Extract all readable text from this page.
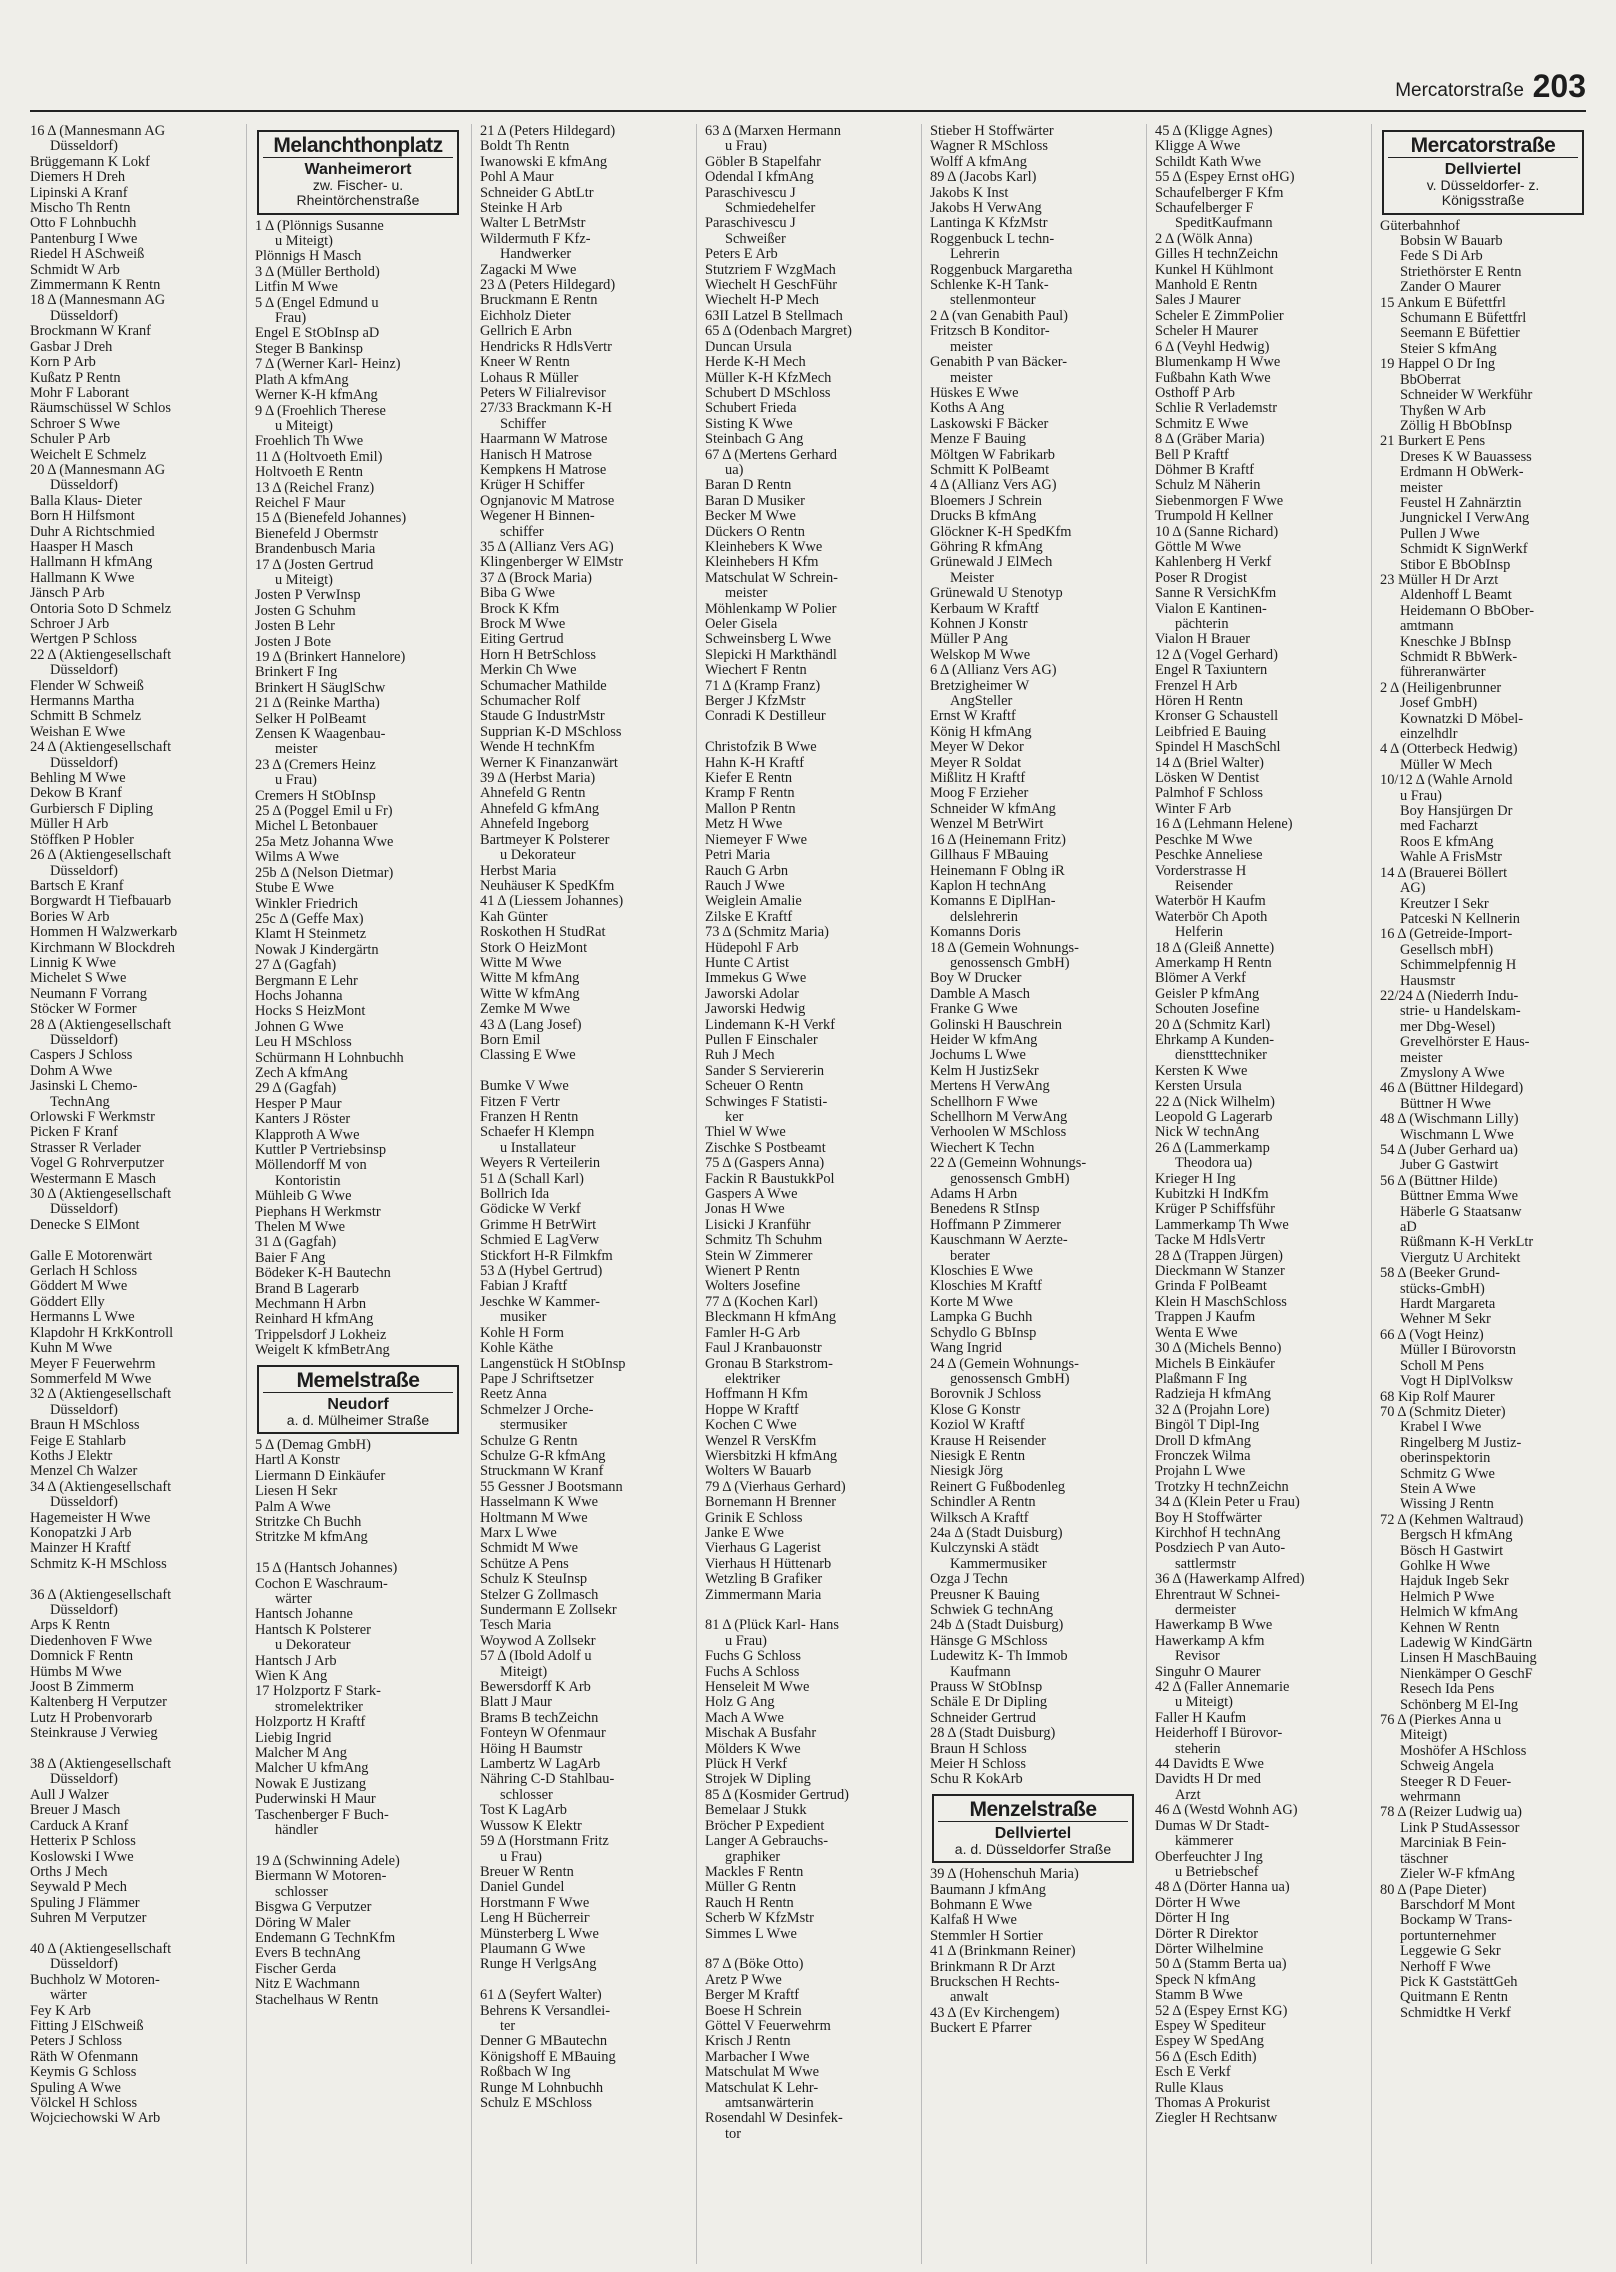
Mercatorstraße 203
16 Δ (Mannesmann AG
Düsseldorf)
Brüggemann K Lokf
Diemers H Dreh
Lipinski A Kranf
Mischo Th Rentn
Otto F Lohnbuchh
Pantenburg I Wwe
Riedel H ASchweiß
Schmidt W Arb
Zimmermann K Rentn
18 Δ (Mannesmann AG
Düsseldorf)
Brockmann W Kranf
Gasbar J Dreh
Korn P Arb
Kußatz P Rentn
Mohr F Laborant
Räumschüssel W Schlos
Schroer S Wwe
Schuler P Arb
Weichelt E Schmelz
20 Δ (Mannesmann AG
Düsseldorf)
Balla Klaus- Dieter
Born H Hilfsmont
Duhr A Richtschmied
Haasper H Masch
Hallmann H kfmAng
Hallmann K Wwe
Jänsch P Arb
Ontoria Soto D Schmelz
Schroer J Arb
Wertgen P Schloss
22 Δ (Aktiengesellschaft
Düsseldorf)
Flender W Schweiß
Hermanns Martha
Schmitt B Schmelz
Weishan E Wwe
24 Δ (Aktiengesellschaft
Düsseldorf)
Behling M Wwe
Dekow B Kranf
Gurbiersch F Dipling
Müller H Arb
Stöffken P Hobler
26 Δ (Aktiengesellschaft
Düsseldorf)
Bartsch E Kranf
Borgwardt H Tiefbauarb
Bories W Arb
Hommen H Walzwerkarb
Kirchmann W Blockdreh
Linnig K Wwe
Michelet S Wwe
Neumann F Vorrang
Stöcker W Former
28 Δ (Aktiengesellschaft
Düsseldorf)
Caspers J Schloss
Dohm A Wwe
Jasinski L Chemo-
TechnAng
Orlowski F Werkmstr
Picken F Kranf
Strasser R Verlader
Vogel G Rohrverputzer
Westermann E Masch
30 Δ (Aktiengesellschaft
Düsseldorf)
Denecke S ElMont

Galle E Motorenwärt
Gerlach H Schloss
Göddert M Wwe
Göddert Elly
Hermanns L Wwe
Klapdohr H KrkKontroll
Kuhn M Wwe
Meyer F Feuerwehrm
Sommerfeld M Wwe
32 Δ (Aktiengesellschaft
Düsseldorf)
Braun H MSchloss
Feige E Stahlarb
Koths J Elektr
Menzel Ch Walzer
34 Δ (Aktiengesellschaft
Düsseldorf)
Hagemeister H Wwe
Konopatzki J Arb
Mainzer H Kraftf
Schmitz K-H MSchloss

36 Δ (Aktiengesellschaft
Düsseldorf)
Arps K Rentn
Diedenhoven F Wwe
Domnick F Rentn
Hümbs M Wwe
Joost B Zimmerm
Kaltenberg H Verputzer
Lutz H Probenvorarb
Steinkrause J Verwieg

38 Δ (Aktiengesellschaft
Düsseldorf)
Aull J Walzer
Breuer J Masch
Carduck A Kranf
Hetterix P Schloss
Koslowski I Wwe
Orths J Mech
Seywald P Mech
Spuling J Flämmer
Suhren M Verputzer

40 Δ (Aktiengesellschaft
Düsseldorf)
Buchholz W Motoren-
wärter
Fey K Arb
Fitting J ElSchweiß
Peters J Schloss
Räth W Ofenmann
Keymis G Schloss
Spuling A Wwe
Völckel H Schloss
Wojciechowski W Arb
Melanchthonplatz
Wanheimerort
zw. Fischer- u. Rheintörchenstraße
1 Δ (Plönnigs Susanne
u Miteigt)
Plönnigs H Masch
3 Δ (Müller Berthold)
Litfin M Wwe
5 Δ (Engel Edmund u
Frau)
Engel E StObInsp aD
Steger B Bankinsp
7 Δ (Werner Karl- Heinz)
Plath A kfmAng
Werner K-H kfmAng
9 Δ (Froehlich Therese
u Miteigt)
Froehlich Th Wwe
11 Δ (Holtvoeth Emil)
Holtvoeth E Rentn
13 Δ (Reichel Franz)
Reichel F Maur
15 Δ (Bienefeld Johannes)
Bienefeld J Obermstr
Brandenbusch Maria
17 Δ (Josten Gertrud
u Miteigt)
Josten P VerwInsp
Josten G Schuhm
Josten B Lehr
Josten J Bote
19 Δ (Brinkert Hannelore)
Brinkert F Ing
Brinkert H SäuglSchw
21 Δ (Reinke Martha)
Selker H PolBeamt
Zensen K Waagenbau-
meister
23 Δ (Cremers Heinz
u Frau)
Cremers H StObInsp
25 Δ (Poggel Emil u Fr)
Michel L Betonbauer
25a Metz Johanna Wwe
Wilms A Wwe
25b Δ (Nelson Dietmar)
Stube E Wwe
Winkler Friedrich
25c Δ (Geffe Max)
Klamt H Steinmetz
Nowak J Kindergärtn
27 Δ (Gagfah)
Bergmann E Lehr
Hochs Johanna
Hocks S HeizMont
Johnen G Wwe
Leu H MSchloss
Schürmann H Lohnbuchh
Zech A kfmAng
29 Δ (Gagfah)
Hesper P Maur
Kanters J Röster
Klapproth A Wwe
Kuttler P Vertriebsinsp
Möllendorff M von
Kontoristin
Mühleib G Wwe
Piephans H Werkmstr
Thelen M Wwe
31 Δ (Gagfah)
Baier F Ang
Bödeker K-H Bautechn
Brand B Lagerarb
Mechmann H Arbn
Reinhard H kfmAng
Trippelsdorf J Lokheiz
Weigelt K kfmBetrAng
Memelstraße
Neudorf
a. d. Mülheimer Straße
5 Δ (Demag GmbH)
Hartl A Konstr
Liermann D Einkäufer
Liesen H Sekr
Palm A Wwe
Stritzke Ch Buchh
Stritzke M kfmAng

15 Δ (Hantsch Johannes)
Cochon E Waschraum-
wärter
Hantsch Johanne
Hantsch K Polsterer
u Dekorateur
Hantsch J Arb
Wien K Ang
17 Holzportz F Stark-
stromelektriker
Holzportz H Kraftf
Liebig Ingrid
Malcher M Ang
Malcher U kfmAng
Nowak E Justizang
Puderwinski H Maur
Taschenberger F Buch-
händler

19 Δ (Schwinning Adele)
Biermann W Motoren-
schlosser
Bisgwa G Verputzer
Döring W Maler
Endemann G TechnKfm
Evers B technAng
Fischer Gerda
Nitz E Wachmann
Stachelhaus W Rentn
21 Δ (Peters Hildegard)
Boldt Th Rentn
Iwanowski E kfmAng
Pohl A Maur
Schneider G AbtLtr
Steinke H Arb
Walter L BetrMstr
Wildermuth F Kfz-
Handwerker
Zagacki M Wwe
23 Δ (Peters Hildegard)
Bruckmann E Rentn
Eichholz Dieter
Gellrich E Arbn
Hendricks R HdlsVertr
Kneer W Rentn
Lohaus R Müller
Peters W Filialrevisor
27/33 Brackmann K-H
Schiffer
Haarmann W Matrose
Hanisch H Matrose
Kempkens H Matrose
Krüger H Schiffer
Ognjanovic M Matrose
Wegener H Binnen-
schiffer
35 Δ (Allianz Vers AG)
Klingenberger W ElMstr
37 Δ (Brock Maria)
Biba G Wwe
Brock K Kfm
Brock M Wwe
Eiting Gertrud
Horn H BetrSchloss
Merkin Ch Wwe
Schumacher Mathilde
Schumacher Rolf
Staude G IndustrMstr
Supprian K-D MSchloss
Wende H technKfm
Werner K Finanzanwärt
39 Δ (Herbst Maria)
Ahnefeld G Rentn
Ahnefeld G kfmAng
Ahnefeld Ingeborg
Bartmeyer K Polsterer
u Dekorateur
Herbst Maria
Neuhäuser K SpedKfm
41 Δ (Liessem Johannes)
Kah Günter
Roskothen H StudRat
Stork O HeizMont
Witte M Wwe
Witte M kfmAng
Witte W kfmAng
Zemke M Wwe
43 Δ (Lang Josef)
Born Emil
Classing E Wwe

Bumke V Wwe
Fitzen F Vertr
Franzen H Rentn
Schaefer H Klempn
u Installateur
Weyers R Verteilerin
51 Δ (Schall Karl)
Bollrich Ida
Gödicke W Verkf
Grimme H BetrWirt
Schmied E LagVerw
Stickfort H-R Filmkfm
53 Δ (Hybel Gertrud)
Fabian J Kraftf
Jeschke W Kammer-
musiker
Kohle H Form
Kohle Käthe
Langenstück H StObInsp
Pape J Schriftsetzer
Reetz Anna
Schmelzer J Orche-
stermusiker
Schulze G Rentn
Schulze G-R kfmAng
Struckmann W Kranf
55 Gessner J Bootsmann
Hasselmann K Wwe
Holtmann M Wwe
Marx L Wwe
Schmidt M Wwe
Schütze A Pens
Schulz K SteuInsp
Stelzer G Zollmasch
Sundermann E Zollsekr
Tesch Maria
Woywod A Zollsekr
57 Δ (Ibold Adolf u
Miteigt)
Bewersdorff K Arb
Blatt J Maur
Brams B techZeichn
Fonteyn W Ofenmaur
Höing H Baumstr
Lambertz W LagArb
Nähring C-D Stahlbau-
schlosser
Tost K LagArb
Wussow K Elektr
59 Δ (Horstmann Fritz
u Frau)
Breuer W Rentn
Daniel Gundel
Horstmann F Wwe
Leng H Bücherreiг
Münsterberg L Wwe
Plaumann G Wwe
Runge H VerlgsAng

61 Δ (Seyfert Walter)
Behrens K Versandlei-
ter
Denner G MBautechn
Königshoff E MBauing
Roßbach W Ing
Runge M Lohnbuchh
Schulz E MSchloss
63 Δ (Marxen Hermann
u Frau)
Göbler B Stapelfahr
Odendal I kfmAng
Paraschivescu J
Schmiedehelfer
Paraschivescu J
Schweißer
Peters E Arb
Stutzriem F WzgMach
Wiechelt H GeschFühr
Wiechelt H-P Mech
63II Latzel B Stellmach
65 Δ (Odenbach Margret)
Duncan Ursula
Herde K-H Mech
Müller K-H KfzMech
Schubert D MSchloss
Schubert Frieda
Sisting K Wwe
Steinbach G Ang
67 Δ (Mertens Gerhard
ua)
Baran D Rentn
Baran D Musiker
Becker M Wwe
Dückers O Rentn
Kleinhebers K Wwe
Kleinhebers H Kfm
Matschulat W Schrein-
meister
Möhlenkamp W Polier
Oeler Gisela
Schweinsberg L Wwe
Slepicki H Markthändl
Wiechert F Rentn
71 Δ (Kramp Franz)
Berger J KfzMstr
Conradi K Destilleur

Christofzik B Wwe
Hahn K-H Kraftf
Kiefer E Rentn
Kramp F Rentn
Mallon P Rentn
Metz H Wwe
Niemeyer F Wwe
Petri Maria
Rauch G Arbn
Rauch J Wwe
Weiglein Amalie
Zilske E Kraftf
73 Δ (Schmitz Maria)
Hüdepohl F Arb
Hunte C Artist
Immekus G Wwe
Jaworski Adolar
Jaworski Hedwig
Lindemann K-H Verkf
Pullen F Einschaler
Ruh J Mech
Sander S Serviererin
Scheuer O Rentn
Schwinges F Statisti-
ker
Thiel W Wwe
Zischke S Postbeamt
75 Δ (Gaspers Anna)
Fackin R BaustukkPol
Gaspers A Wwe
Jonas H Wwe
Lisicki J Kranführ
Schmitz Th Schuhm
Stein W Zimmerer
Wienert P Rentn
Wolters Josefine
77 Δ (Kochen Karl)
Bleckmann H kfmAng
Famler H-G Arb
Faul J Kranbauonstr
Gronau B Starkstrom-
elektriker
Hoffmann H Kfm
Hoppe W Kraftf
Kochen C Wwe
Wenzel R VersKfm
Wiersbitzki H kfmAng
Wolters W Bauarb
79 Δ (Vierhaus Gerhard)
Bornemann H Brenner
Grinik E Schloss
Janke E Wwe
Vierhaus G Lagerist
Vierhaus H Hüttenarb
Wetzling B Grafiker
Zimmermann Maria

81 Δ (Plück Karl- Hans
u Frau)
Fuchs G Schloss
Fuchs A Schloss
Henseleit M Wwe
Holz G Ang
Mach A Wwe
Mischak A Busfahr
Mölders K Wwe
Plück H Verkf
Strojek W Dipling
85 Δ (Kosmider Gertrud)
Bemelaar J Stukk
Bröcher P Expedient
Langer A Gebrauchs-
graphiker
Mackles F Rentn
Müller G Rentn
Rauch H Rentn
Scherb W KfzMstr
Simmes L Wwe

87 Δ (Böke Otto)
Aretz P Wwe
Berger M Kraftf
Boese H Schrein
Göttel V Feuerwehrm
Krisch J Rentn
Marbacher I Wwe
Matschulat M Wwe
Matschulat K Lehr-
amtsanwärterin
Rosendahl W Desinfek-
tor
Stieber H Stoffwärter
Wagner R MSchloss
Wolff A kfmAng
89 Δ (Jacobs Karl)
Jakobs K Inst
Jakobs H VerwAng
Lantinga K KfzMstr
Roggenbuck L techn-
Lehrerin
Roggenbuck Margaretha
Schlenke K-H Tank-
stellenmonteur
2 Δ (van Genabith Paul)
Fritzsch B Konditor-
meister
Genabith P van Bäcker-
meister
Hüskes E Wwe
Koths A Ang
Laskowski F Bäcker
Menze F Bauing
Möltgen W Fabrikarb
Schmitt K PolBeamt
4 Δ (Allianz Vers AG)
Bloemers J Schrein
Drucks B kfmAng
Glöckner K-H SpedKfm
Göhring R kfmAng
Grünewald J ElMech
Meister
Grünewald U Stenotyp
Kerbaum W Kraftf
Kohnen J Konstr
Müller P Ang
Welskop M Wwe
6 Δ (Allianz Vers AG)
Bretzigheimer W
AngSteller
Ernst W Kraftf
König H kfmAng
Meyer W Dekor
Meyer R Soldat
Mißlitz H Kraftf
Moog F Erzieher
Schneider W kfmAng
Wenzel M BetrWirt
16 Δ (Heinemann Fritz)
Gillhaus F MBauing
Heinemann F Oblng iR
Kaplon H technAng
Komanns E DiplHan-
delslehrerin
Komanns Doris
18 Δ (Gemein Wohnungs-
genossensch GmbH)
Boy W Drucker
Damble A Masch
Franke G Wwe
Golinski H Bauschrein
Heider W kfmAng
Jochums L Wwe
Kelm H JustizSekr
Mertens H VerwAng
Schellhorn F Wwe
Schellhorn M VerwAng
Verhoolen W MSchloss
Wiechert K Techn
22 Δ (Gemeinn Wohnungs-
genossensch GmbH)
Adams H Arbn
Benedens R StInsp
Hoffmann P Zimmerer
Kauschmann W Aerzte-
berater
Kloschies E Wwe
Kloschies M Kraftf
Korte M Wwe
Lampka G Buchh
Schydlo G BbInsp
Wang Ingrid
24 Δ (Gemein Wohnungs-
genossensch GmbH)
Borovnik J Schloss
Klose G Konstr
Koziol W Kraftf
Krause H Reisender
Niesigk E Rentn
Niesigk Jörg
Reinert G Fußbodenleg
Schindler A Rentn
Wilksch A Kraftf
24a Δ (Stadt Duisburg)
Kulczynski A städt
Kammermusiker
Ozga J Techn
Preusner K Bauing
Schwiek G technAng
24b Δ (Stadt Duisburg)
Hänsge G MSchloss
Ludewitz K- Th Immob
Kaufmann
Prauss W StObInsp
Schäle E Dr Dipling
Schneider Gertrud
28 Δ (Stadt Duisburg)
Braun H Schloss
Meier H Schloss
Schu R KokArb
Menzelstraße
Dellviertel
a. d. Düsseldorfer Straße
39 Δ (Hohenschuh Maria)
Baumann J kfmAng
Bohmann E Wwe
Kalfaß H Wwe
Stemmler H Sortier
41 Δ (Brinkmann Reiner)
Brinkmann R Dr Arzt
Bruckschen H Rechts-
anwalt
43 Δ (Ev Kirchengem)
Buckert E Pfarrer
45 Δ (Kligge Agnes)
Kligge A Wwe
Schildt Kath Wwe
55 Δ (Espey Ernst oHG)
Schaufelberger F Kfm
Schaufelberger F
SpeditKaufmann
2 Δ (Wölk Anna)
Gilles H technZeichn
Kunkel H Kühlmont
Manhold E Rentn
Sales J Maurer
Scheler E ZimmPolier
Scheler H Maurer
6 Δ (Veyhl Hedwig)
Blumenkamp H Wwe
Fußbahn Kath Wwe
Osthoff P Arb
Schlie R Verlademstr
Schmitz E Wwe
8 Δ (Gräber Maria)
Bell P Kraftf
Döhmer B Kraftf
Schulz M Näherin
Siebenmorgen F Wwe
Trumpold H Kellner
10 Δ (Sanne Richard)
Göttle M Wwe
Kahlenberg H Verkf
Poser R Drogist
Sanne R VersichKfm
Vialon E Kantinen-
pächterin
Vialon H Brauer
12 Δ (Vogel Gerhard)
Engel R Taxiuntern
Frenzel H Arb
Hören H Rentn
Kronser G Schaustell
Leibfried E Bauing
Spindel H MaschSchl
14 Δ (Briel Walter)
Lösken W Dentist
Palmhof F Schloss
Winter F Arb
16 Δ (Lehmann Helene)
Peschke M Wwe
Peschke Anneliese
Vorderstrasse H
Reisender
Waterbör H Kaufm
Waterbör Ch Apoth
Helferin
18 Δ (Gleiß Annette)
Amerkamp H Rentn
Blömer A Verkf
Geisler P kfmAng
Schouten Josefine
20 Δ (Schmitz Karl)
Ehrkamp A Kunden-
dienstttechniker
Kersten K Wwe
Kersten Ursula
22 Δ (Nick Wilhelm)
Leopold G Lagerarb
Nick W technAng
26 Δ (Lammerkamp
Theodora ua)
Krieger H Ing
Kubitzki H IndKfm
Krüger P Schiffsführ
Lammerkamp Th Wwe
Tacke M HdlsVertr
28 Δ (Trappen Jürgen)
Dieckmann W Stanzer
Grinda F PolBeamt
Klein H MaschSchloss
Trappen J Kaufm
Wenta E Wwe
30 Δ (Michels Benno)
Michels B Einkäufer
Plaßmann F Ing
Radzieja H kfmAng
32 Δ (Projahn Lore)
Bingöl T Dipl-Ing
Droll D kfmAng
Fronczek Wilma
Projahn L Wwe
Trotzky H technZeichn
34 Δ (Klein Peter u Frau)
Boy H Stoffwärter
Kirchhof H technAng
Posdziech P van Auto-
sattlermstr
36 Δ (Hawerkamp Alfred)
Ehrentraut W Schnei-
dermeister
Hawerkamp B Wwe
Hawerkamp A kfm
Revisor
Singuhr O Maurer
42 Δ (Faller Annemarie
u Miteigt)
Faller H Kaufm
Heiderhoff I Bürovor-
steherin
44 Davidts E Wwe
Davidts H Dr med
Arzt
46 Δ (Westd Wohnh AG)
Dumas W Dr Stadt-
kämmerer
Oberfeuchter J Ing
u Betriebschef
48 Δ (Dörter Hanna ua)
Dörter H Wwe
Dörter H Ing
Dörter R Direktor
Dörter Wilhelmine
50 Δ (Stamm Berta ua)
Speck N kfmAng
Stamm B Wwe
52 Δ (Espey Ernst KG)
Espey W Spediteur
Espey W SpedAng
56 Δ (Esch Edith)
Esch E Verkf
Rulle Klaus
Thomas A Prokurist
Ziegler H Rechtsanw
Mercatorstraße
Dellviertel
v. Düsseldorfer- z. Königsstraße
Güterbahnhof
Bobsin W Bauarb
Fede S Di Arb
Striethörster E Rentn
Zander O Maurer
15 Ankum E Büfettfrl
Schumann E Büfettfrl
Seemann E Büfettier
Steier S kfmAng
19 Happel O Dr Ing
BbOberrat
Schneider W Werkführ
Thyßen W Arb
Zöllig H BbObInsp
21 Burkert E Pens
Dreses K W Bauassess
Erdmann H ObWerk-
meister
Feustel H Zahnärztin
Jungnickel I VerwAng
Pullen J Wwe
Schmidt K SignWerkf
Stibor E BbObInsp
23 Müller H Dr Arzt
Aldenhoff L Beamt
Heidemann O BbOber-
amtmann
Kneschke J BbInsp
Schmidt R BbWerk-
führeranwärter
2 Δ (Heiligenbrunner
Josef GmbH)
Kownatzki D Möbel-
einzelhdlr
4 Δ (Otterbeck Hedwig)
Müller W Mech
10/12 Δ (Wahle Arnold
u Frau)
Boy Hansjürgen Dr
med Facharzt
Roos E kfmAng
Wahle A FrisMstr
14 Δ (Brauerei Böllert
AG)
Kreutzer I Sekr
Patceski N Kellnerin
16 Δ (Getreide-Import-
Gesellsch mbH)
Schimmelpfennig H
Hausmstr
22/24 Δ (Niederrh Indu-
strie- u Handelskam-
mer Dbg-Wesel)
Grevelhörster E Haus-
meister
Zmyslony A Wwe
46 Δ (Büttner Hildegard)
Büttner H Wwe
48 Δ (Wischmann Lilly)
Wischmann L Wwe
54 Δ (Juber Gerhard ua)
Juber G Gastwirt
56 Δ (Büttner Hilde)
Büttner Emma Wwe
Häberle G Staatsanw
aD
Rüßmann K-H VerkLtr
Viergutz U Architekt
58 Δ (Beeker Grund-
stücks-GmbH)
Hardt Margareta
Wehner M Sekr
66 Δ (Vogt Heinz)
Müller I Bürovorstn
Scholl M Pens
Vogt H DiplVolksw
68 Kip Rolf Maurer
70 Δ (Schmitz Dieter)
Krabel I Wwe
Ringelberg M Justiz-
oberinspektorin
Schmitz G Wwe
Stein A Wwe
Wissing J Rentn
72 Δ (Kehmen Waltraud)
Bergsch H kfmAng
Bösch H Gastwirt
Gohlke H Wwe
Hajduk Ingeb Sekr
Helmich P Wwe
Helmich W kfmAng
Kehnen W Rentn
Ladewig W KindGärtn
Linsen H MaschBauing
Nienkämper O GeschF
Resech Ida Pens
Schönberg M El-Ing
76 Δ (Pierkes Anna u
Miteigt)
Moshöfer A HSchloss
Schweig Angela
Steeger R D Feuer-
wehrmann
78 Δ (Reizer Ludwig ua)
Link P StudAssessor
Marciniak B Fein-
täschner
Zieler W-F kfmAng
80 Δ (Pape Dieter)
Barschdorf M Mont
Bockamp W Trans-
portunternehmer
Leggewie G Sekr
Nerhoff F Wwe
Pick K GaststättGeh
Quitmann E Rentn
Schmidtke H Verkf
